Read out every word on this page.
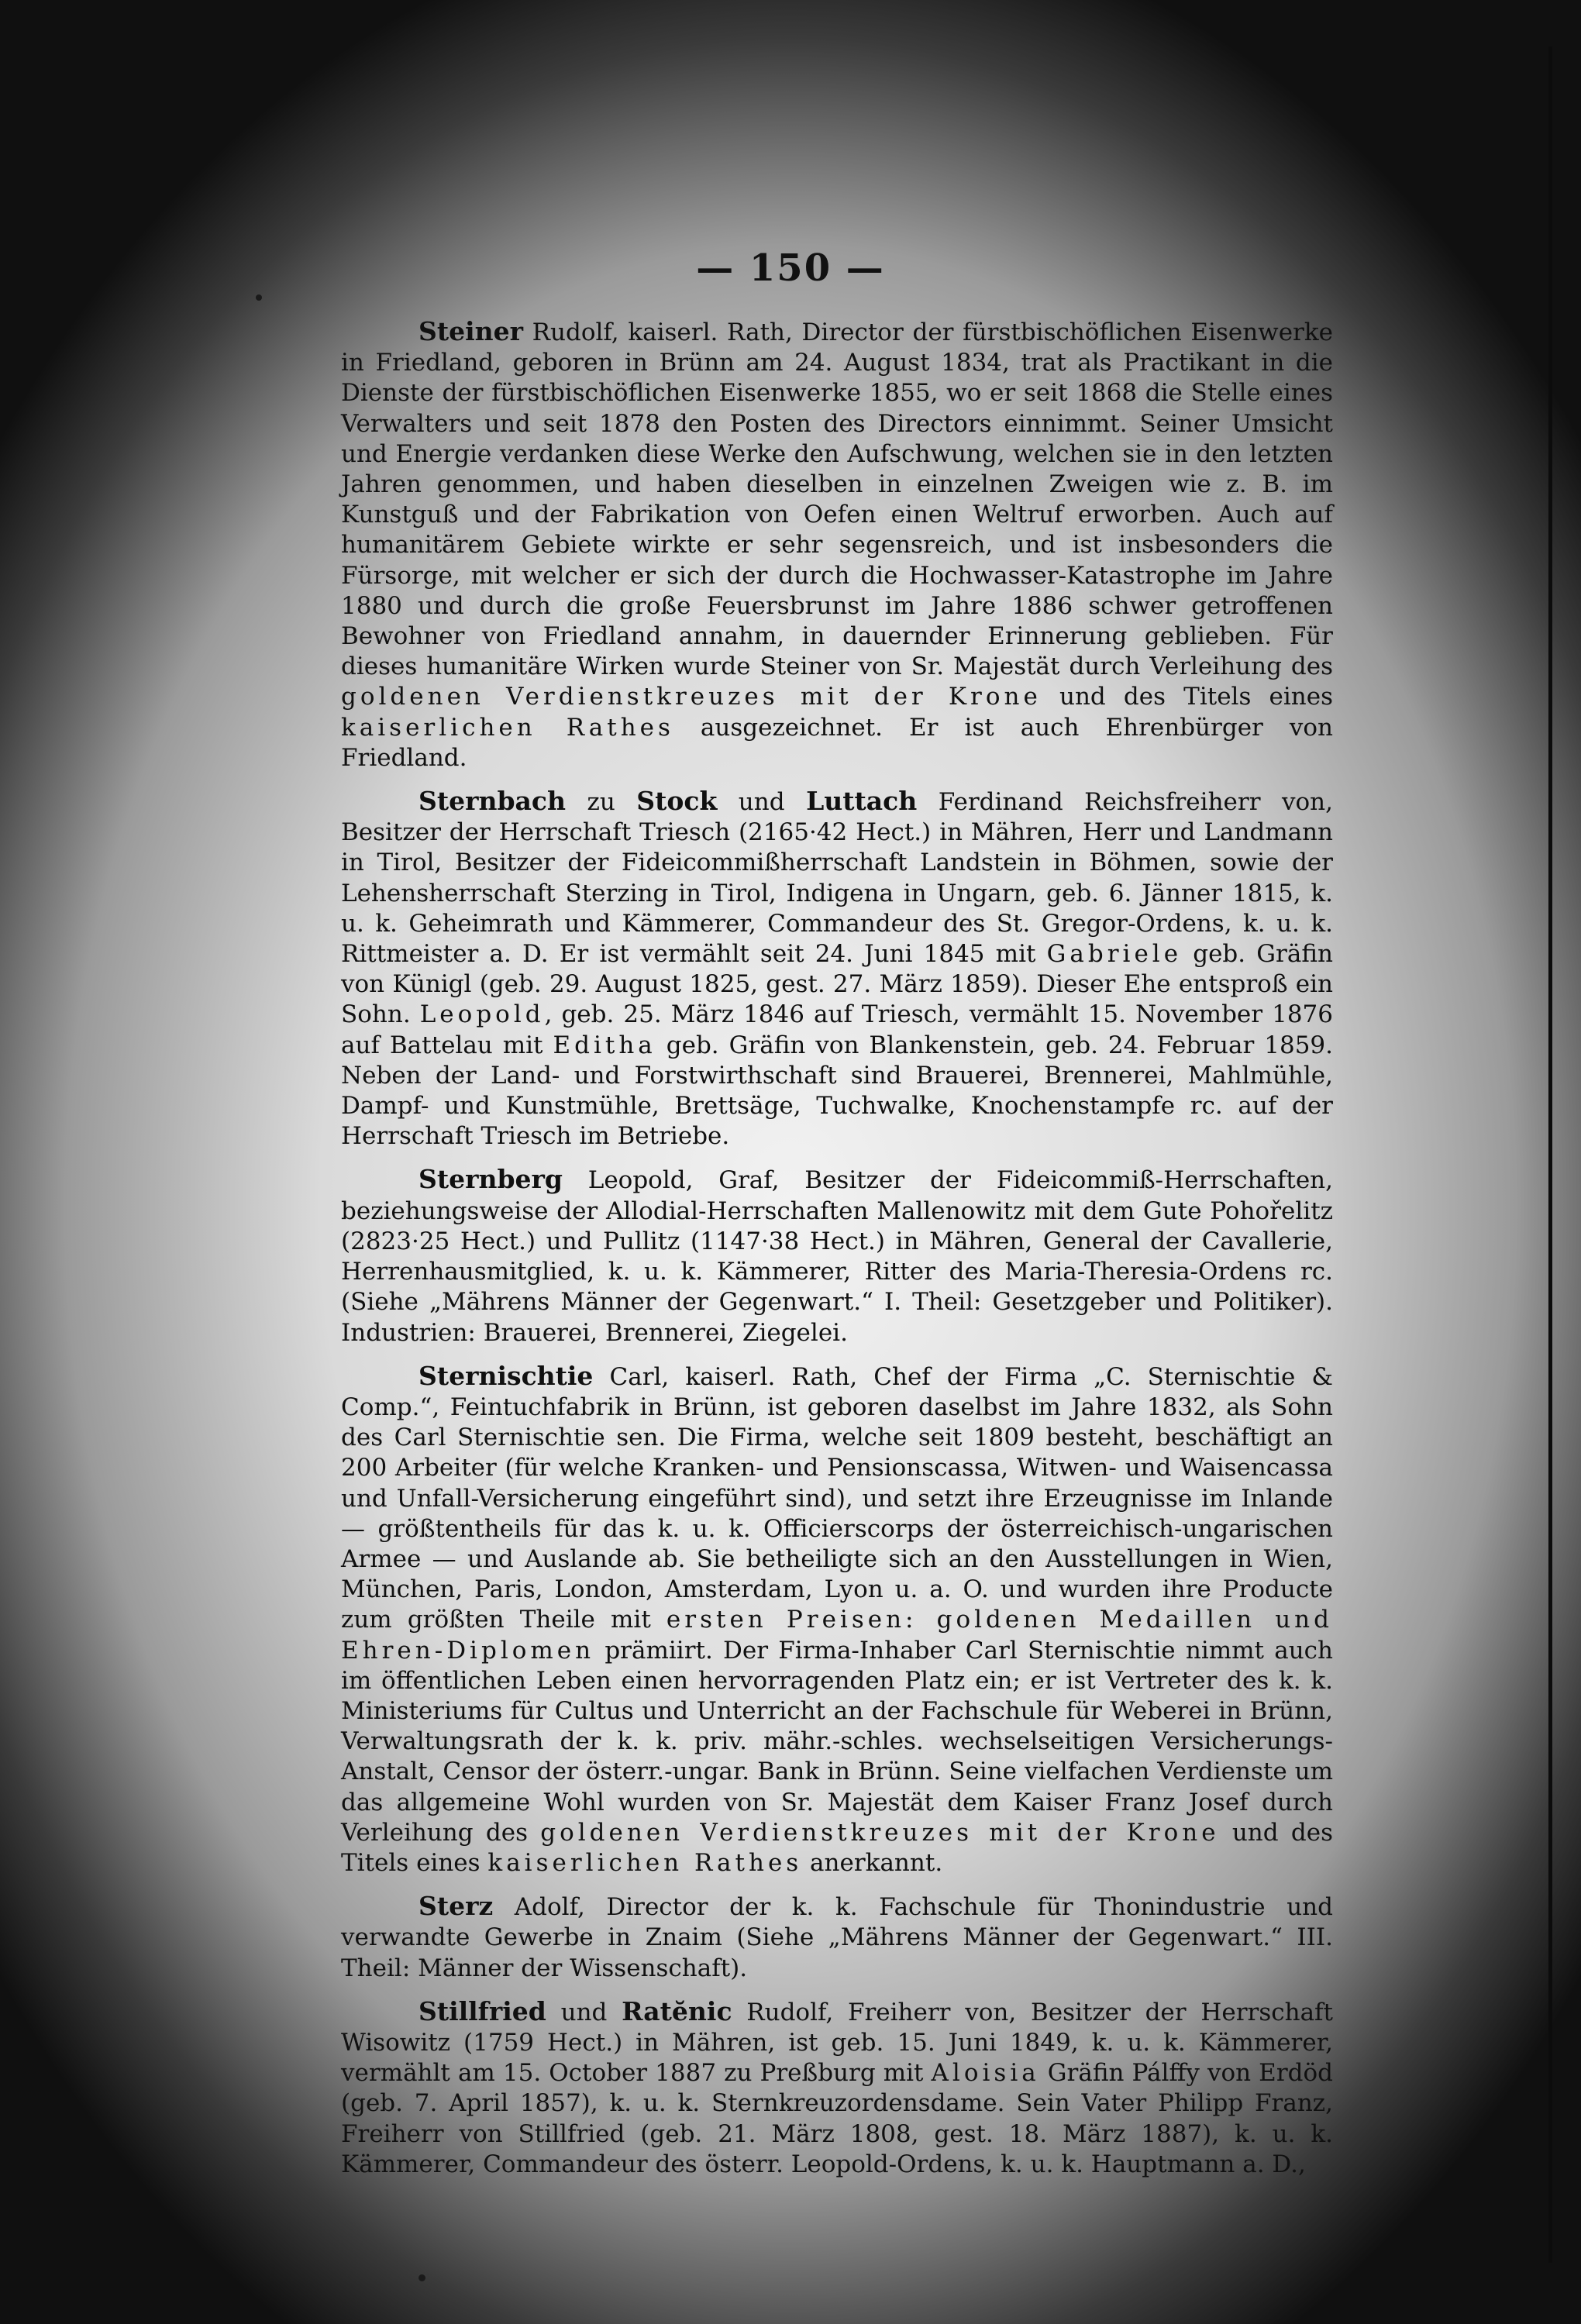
— 150 —

Steiner Rudolf, kaiserl. Rath, Director der fürstbischöflichen Eisenwerke in Friedland, geboren in Brünn am 24. August 1834, trat als Practikant in die Dienste der fürstbischöflichen Eisenwerke 1855, wo er seit 1868 die Stelle eines Verwalters und seit 1878 den Posten des Directors einnimmt. Seiner Umsicht und Energie verdanken diese Werke den Aufschwung, welchen sie in den letzten Jahren genommen, und haben dieselben in einzelnen Zweigen wie z. B. im Kunstguß und der Fabrikation von Oefen einen Weltruf erworben. Auch auf humanitärem Gebiete wirkte er sehr segensreich, und ist insbesonders die Fürsorge, mit welcher er sich der durch die Hochwasser-Katastrophe im Jahre 1880 und durch die große Feuersbrunst im Jahre 1886 schwer getroffenen Bewohner von Friedland annahm, in dauernder Erinnerung geblieben. Für dieses humanitäre Wirken wurde Steiner von Sr. Majestät durch Verleihung des goldenen Verdienstkreuzes mit der Krone und des Titels eines kaiserlichen Rathes ausgezeichnet. Er ist auch Ehrenbürger von Friedland.

Sternbach zu Stock und Luttach Ferdinand Reichsfreiherr von, Besitzer der Herrschaft Triesch (2165·42 Hect.) in Mähren, Herr und Landmann in Tirol, Besitzer der Fideicommißherrschaft Landstein in Böhmen, sowie der Lehensherrschaft Sterzing in Tirol, Indigena in Ungarn, geb. 6. Jänner 1815, k. u. k. Geheimrath und Kämmerer, Commandeur des St. Gregor-Ordens, k. u. k. Rittmeister a. D. Er ist vermählt seit 24. Juni 1845 mit Gabriele geb. Gräfin von Künigl (geb. 29. August 1825, gest. 27. März 1859). Dieser Ehe entsproß ein Sohn. Leopold, geb. 25. März 1846 auf Triesch, vermählt 15. November 1876 auf Battelau mit Editha geb. Gräfin von Blankenstein, geb. 24. Februar 1859. Neben der Land- und Forstwirthschaft sind Brauerei, Brennerei, Mahlmühle, Dampf- und Kunstmühle, Brettsäge, Tuchwalke, Knochenstampfe rc. auf der Herrschaft Triesch im Betriebe.

Sternberg Leopold, Graf, Besitzer der Fideicommiß-Herrschaften, beziehungsweise der Allodial-Herrschaften Mallenowitz mit dem Gute Pohořelitz (2823·25 Hect.) und Pullitz (1147·38 Hect.) in Mähren, General der Cavallerie, Herrenhausmitglied, k. u. k. Kämmerer, Ritter des Maria-Theresia-Ordens rc. (Siehe „Mährens Männer der Gegenwart.“ I. Theil: Gesetzgeber und Politiker). Industrien: Brauerei, Brennerei, Ziegelei.

Sternischtie Carl, kaiserl. Rath, Chef der Firma „C. Sternischtie & Comp.“, Feintuchfabrik in Brünn, ist geboren daselbst im Jahre 1832, als Sohn des Carl Sternischtie sen. Die Firma, welche seit 1809 besteht, beschäftigt an 200 Arbeiter (für welche Kranken- und Pensionscassa, Witwen- und Waisencassa und Unfall-Versicherung eingeführt sind), und setzt ihre Erzeugnisse im Inlande — größtentheils für das k. u. k. Officierscorps der österreichisch-ungarischen Armee — und Auslande ab. Sie betheiligte sich an den Ausstellungen in Wien, München, Paris, London, Amsterdam, Lyon u. a. O. und wurden ihre Producte zum größten Theile mit ersten Preisen: goldenen Medaillen und Ehren-Diplomen prämiirt. Der Firma-Inhaber Carl Sternischtie nimmt auch im öffentlichen Leben einen hervorragenden Platz ein; er ist Vertreter des k. k. Ministeriums für Cultus und Unterricht an der Fachschule für Weberei in Brünn, Verwaltungsrath der k. k. priv. mähr.-schles. wechselseitigen Versicherungs-Anstalt, Censor der österr.-ungar. Bank in Brünn. Seine vielfachen Verdienste um das allgemeine Wohl wurden von Sr. Majestät dem Kaiser Franz Josef durch Verleihung des goldenen Verdienstkreuzes mit der Krone und des Titels eines kaiserlichen Rathes anerkannt.

Sterz Adolf, Director der k. k. Fachschule für Thonindustrie und verwandte Gewerbe in Znaim (Siehe „Mährens Männer der Gegenwart.“ III. Theil: Männer der Wissenschaft).

Stillfried und Ratĕnic Rudolf, Freiherr von, Besitzer der Herrschaft Wisowitz (1759 Hect.) in Mähren, ist geb. 15. Juni 1849, k. u. k. Kämmerer, vermählt am 15. October 1887 zu Preßburg mit Aloisia Gräfin Pálffy von Erdöd (geb. 7. April 1857), k. u. k. Sternkreuzordensdame. Sein Vater Philipp Franz, Freiherr von Stillfried (geb. 21. März 1808, gest. 18. März 1887), k. u. k. Kämmerer, Commandeur des österr. Leopold-Ordens, k. u. k. Hauptmann a. D.,
